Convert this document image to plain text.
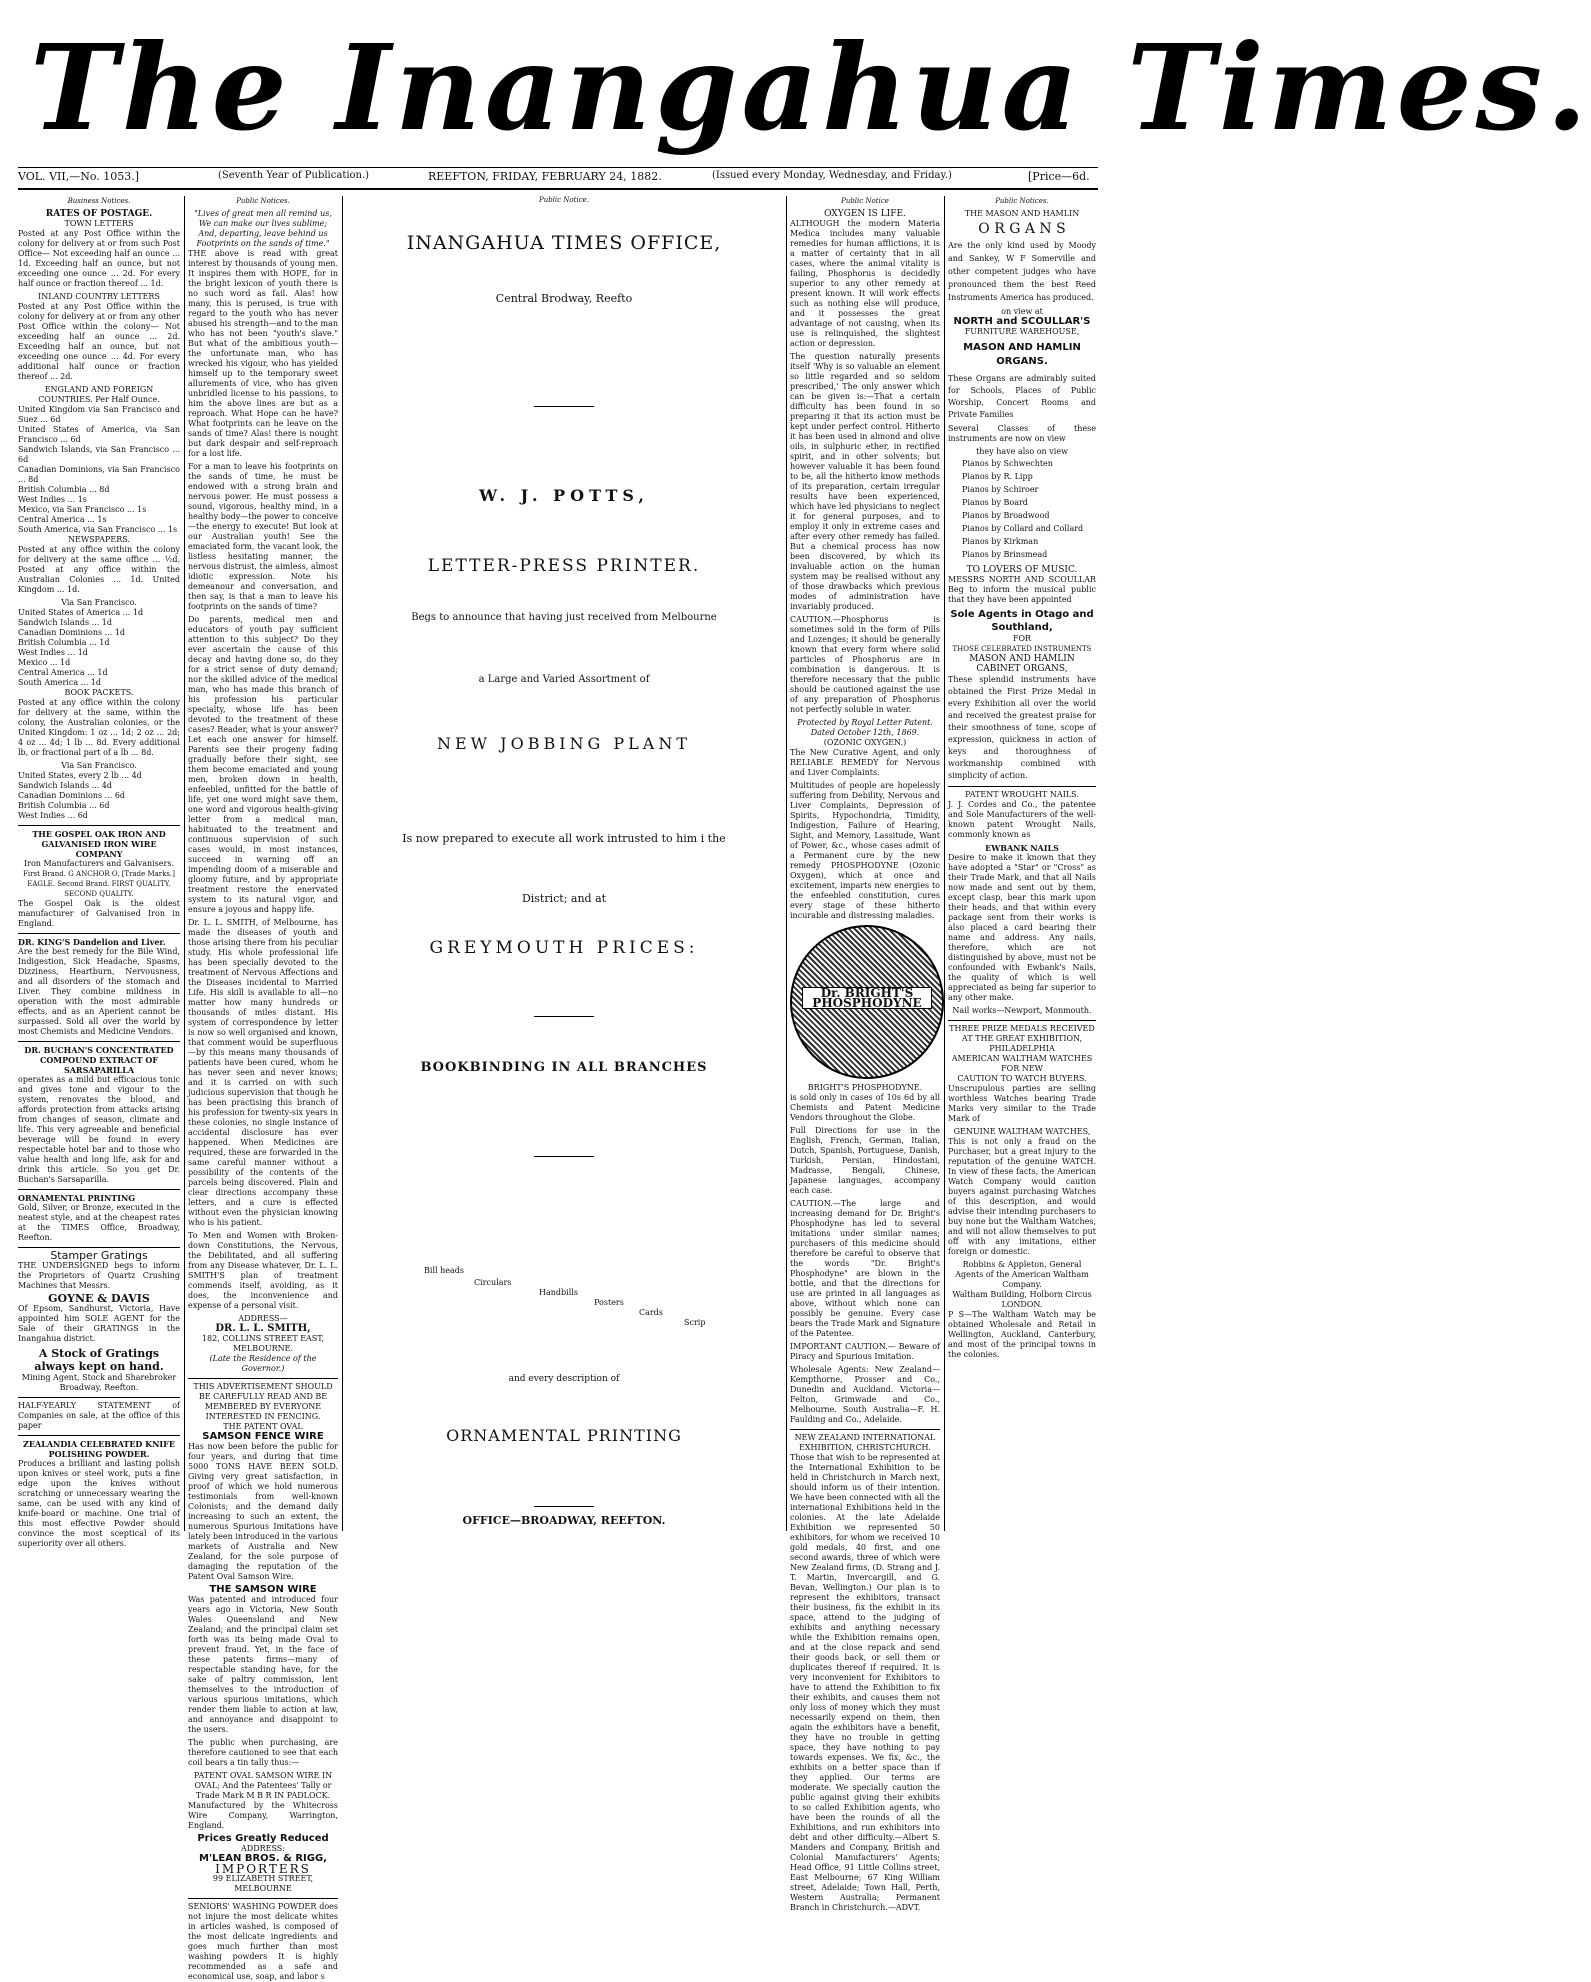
The Inangahua Times.
VOL. VII,—No. 1053.]	(Seventh Year of Publication.)	REEFTON, FRIDAY, FEBRUARY 24, 1882.	(Issued every Monday, Wednesday, and Friday.)	[Price—6d.
Business Notices.
RATES OF POSTAGE.
TOWN LETTERS

Posted at any Post Office within the colony for delivery at or from such Post Office— Not exceeding half an ounce ... 1d. Exceeding half an ounce, but not exceeding one ounce ... 2d. For every half ounce or fraction thereof ... 1d.

INLAND COUNTRY LETTERS

Posted at any Post Office within the colony for delivery at or from any other Post Office within the colony— Not exceeding half an ounce ... 2d. Exceeding half an ounce, but not exceeding one ounce ... 4d. For every additional half ounce or fraction thereof ... 2d.

ENGLAND AND FOREIGN COUNTRIES. Per Half Ounce.
United Kingdom via San Francisco and Suez ... 6d
United States of America, via San Francisco ... 6d
Sandwich Islands, via San Francisco ... 6d
Canadian Dominions, via San Francisco ... 8d
British Columbia ... 8d
West Indies ... 1s
Mexico, via San Francisco ... 1s
Central America ... 1s
South America, via San Francisco ... 1s
NEWSPAPERS.

Posted at any office within the colony for delivery at the same office ... ½d. Posted at any office within the Australian Colonies ... 1d. United Kingdom ... 1d.

Via San Francisco.
United States of America ... 1d
Sandwich Islands ... 1d
Canadian Dominions ... 1d
British Columbia ... 1d
West Indies ... 1d
Mexico ... 1d
Central America ... 1d
South America ... 1d
BOOK PACKETS.

Posted at any office within the colony for delivery at the same, within the colony, the Australian colonies, or the United Kingdom: 1 oz ... 1d; 2 oz ... 2d; 4 oz ... 4d; 1 lb ... 8d. Every additional lb, or fractional part of a lb ... 8d.

Via San Francisco.
United States, every 2 lb ... 4d
Sandwich Islands ... 4d
Canadian Dominions ... 6d
British Columbia ... 6d
West Indies ... 6d
THE GOSPEL OAK IRON AND GALVANISED IRON WIRE COMPANY
Iron Manufacturers and Galvanisers.
First Brand. G ANCHOR O. [Trade Marks.] EAGLE. Second Brand. FIRST QUALITY. SECOND QUALITY.

The Gospel Oak is the oldest manufacturer of Galvanised Iron in England.

DR. KING'S Dandelion and Liver.

Are the best remedy for the Bile Wind, Indigestion, Sick Headache, Spasms, Dizziness, Heartburn, Nervousness, and all disorders of the stomach and Liver. They combine mildness in operation with the most admirable effects, and as an Aperient cannot be surpassed. Sold all over the world by most Chemists and Medicine Vendors.

DR. BUCHAN'S CONCENTRATED COMPOUND EXTRACT OF SARSAPARILLA

operates as a mild but efficacious tonic and gives tone and vigour to the system, renovates the blood, and affords protection from attacks arising from changes of season, climate and life. This very agreeable and beneficial beverage will be found in every respectable hotel bar and to those who value health and long life, ask for and drink this article. So you get Dr. Buchan's Sarsaparilla.

ORNAMENTAL PRINTING

Gold, Silver, or Bronze, executed in the neatest style, and at the cheapest rates at the TIMES Office, Broadway, Reefton.

Stamper Gratings

THE UNDERSIGNED begs to inform the Proprietors of Quartz Crushing Machines that Messrs.

GOYNE & DAVIS

Of Epsom, Sandhurst, Victoria, Have appointed him SOLE AGENT for the Sale of their GRATINGS in the Inangahua district.

A Stock of Gratings always kept on hand.
Mining Agent, Stock and Sharebroker Broadway, Reefton.

HALF-YEARLY STATEMENT of Companies on sale, at the office of this paper

ZEALANDIA CELEBRATED KNIFE POLISHING POWDER.

Produces a brilliant and lasting polish upon knives or steel work, puts a fine edge upon the knives without scratching or unnecessary wearing the same, can be used with any kind of knife-board or machine. One trial of this most effective Powder should convince the most sceptical of its superiority over all others.

Public Notices.
"Lives of great men all remind us,
We can make our lives sublime;
And, departing, leave behind us
Footprints on the sands of time."

THE above is read with great interest by thousands of young men. It inspires them with HOPE, for in the bright lexicon of youth there is no such word as fail. Alas! how many, this is perused, is true with regard to the youth who has never abused his strength—and to the man who has not been "youth's slave." But what of the ambitious youth—the unfortunate man, who has wrecked his vigour, who has yielded himself up to the temporary sweet allurements of vice, who has given unbridled license to his passions, to him the above lines are but as a reproach. What Hope can he have? What footprints can he leave on the sands of time? Alas! there is nought but dark despair and self-reproach for a lost life.

For a man to leave his footprints on the sands of time, he must be endowed with a strong brain and nervous power. He must possess a sound, vigorous, healthy mind, in a healthy body—the power to conceive—the energy to execute! But look at our Australian youth! See the emaciated form, the vacant look, the listless hesitating manner, the nervous distrust, the aimless, almost idiotic expression. Note his demeanour and conversation, and then say, is that a man to leave his footprints on the sands of time?

Do parents, medical men and educators of youth pay sufficient attention to this subject? Do they ever ascertain the cause of this decay and having done so, do they for a strict sense of duty demand; nor the skilled advice of the medical man, who has made this branch of his profession his particular specialty, whose life has been devoted to the treatment of these cases? Reader, what is your answer? Let each one answer for himself. Parents see their progeny fading gradually before their sight, see them become emaciated and young men, broken down in health, enfeebled, unfitted for the battle of life, yet one word might save them, one word and vigorous health-giving letter from a medical man, habituated to the treatment and continuous supervision of such cases would, in most instances, succeed in warning off an impending doom of a miserable and gloomy future, and by appropriate treatment restore the enervated system to its natural vigor, and ensure a joyous and happy life.

Dr. L. L. SMITH, of Melbourne, has made the diseases of youth and those arising there from his peculiar study. His whole professional life has been specially devoted to the treatment of Nervous Affections and the Diseases incidental to Married Life. His skill is available to all—no matter how many hundreds or thousands of miles distant. His system of correspondence by letter is now so well organised and known, that comment would be superfluous—by this means many thousands of patients have been cured, whom he has never seen and never knows; and it is carried on with such judicious supervision that though he has been practising this branch of his profession for twenty-six years in these colonies, no single instance of accidental disclosure has ever happened. When Medicines are required, these are forwarded in the same careful manner without a possibility of the contents of the parcels being discovered. Plain and clear directions accompany these letters, and a cure is effected without even the physician knowing who is his patient.

To Men and Women with Broken-down Constitutions, the Nervous, the Debilitated, and all suffering from any Disease whatever, Dr. L. L. SMITH'S plan of treatment commends itself, avoiding, as it does, the inconvenience and expense of a personal visit.

ADDRESS—
DR. L. L. SMITH,
182, COLLINS STREET EAST,
MELBOURNE.
(Late the Residence of the Governor.)
THIS ADVERTISEMENT SHOULD BE CAREFULLY READ AND BE MEMBERED BY EVERYONE INTERESTED IN FENCING.
THE PATENT OVAL
SAMSON FENCE WIRE

Has now been before the public for four years, and during that time 5000 TONS HAVE BEEN SOLD. Giving very great satisfaction, in proof of which we hold numerous testimonials from well-known Colonists; and the demand daily increasing to such an extent, the numerous Spurious Imitations have lately been introduced in the various markets of Australia and New Zealand, for the sole purpose of damaging the reputation of the Patent Oval Samson Wire.

THE SAMSON WIRE

Was patented and introduced four years ago in Victoria, New South Wales Queensland and New Zealand; and the principal claim set forth was its being made Oval to prevent fraud. Yet, in the face of these patents firms—many of respectable standing have, for the sake of paltry commission, lent themselves to the introduction of various spurious imitations, which render them liable to action at law, and annoyance and disappoint to the users.

The public when purchasing, are therefore cautioned to see that each coil bears a tin tally thus:—

PATENT OVAL SAMSON WIRE IN OVAL; And the Patentees' Tally or Trade Mark M B R IN PADLOCK.

Manufactured by the Whitecross Wire Company, Warrington, England.

Prices Greatly Reduced
ADDRESS:
M'LEAN BROS. & RIGG,
IMPORTERS
99 ELIZABETH STREET, MELBOURNE

SENIORS' WASHING POWDER does not injure the most delicate whites in articles washed, is composed of the most delicate ingredients and goes much further than most washing powders It is highly recommended as a safe and economical use, soap, and labor s

Public Notice.
INANGAHUA TIMES OFFICE,
Central Brodway, Reefto
W. J. POTTS,
LETTER-PRESS PRINTER.
Begs to announce that having just received from Melbourne
a Large and Varied Assortment of
NEW JOBBING PLANT
Is now prepared to execute all work intrusted to him i the
District; and at
GREYMOUTH PRICES:
BOOKBINDING IN ALL BRANCHES
Bill heads
Circulars
Handbills
Posters
Cards
Scrip
and every description of
ORNAMENTAL PRINTING
OFFICE—BROADWAY, REEFTON.
Public Notice
OXYGEN IS LIFE.

ALTHOUGH the modern Materia Medica includes many valuable remedies for human afflictions, it is a matter of certainty that in all cases, where the animal vitality is failing, Phosphorus is decidedly superior to any other remedy at present known. It will work effects such as nothing else will produce, and it possesses the great advantage of not causing, when its use is relinquished, the slightest action or depression.

The question naturally presents itself 'Why is so valuable an element so little regarded and so seldom prescribed,' The only answer which can be given is:—That a certain difficulty has been found in so preparing it that its action must be kept under perfect control. Hitherto it has been used in almond and olive oils, in sulphuric ether, in rectified spirit, and in other solvents; but however valuable it has been found to be, all the hitherto know methods of its preparation, certain irregular results have been experienced, which have led physicians to neglect it for general purposes, and to employ it only in extreme cases and after every other remedy has failed. But a chemical process has now been discovered, by which its invaluable action on the human system may be realised without any of those drawbacks which previous modes of administration have invariably produced.

CAUTION.—Phosphorus is sometimes sold in the form of Pills and Lozenges; it should be generally known that every form where solid particles of Phosphorus are in combination is dangerous. It is therefore necessary that the public should be cautioned against the use of any preparation of Phosphorus not perfectly soluble in water.

Protected by Royal Letter Patent. Dated October 12th, 1869.
(OZONIC OXYGEN.)

The New Curative Agent, and only RELIABLE REMEDY for Nervous and Liver Complaints.

Multitudes of people are hopelessly suffering from Debility, Nervous and Liver Complaints, Depression of Spirits, Hypochondria, Timidity, Indigestion, Failure of Hearing, Sight, and Memory, Lassitude, Want of Power, &c., whose cases admit of a Permanent cure by the new remedy PHOSPHODYNE (Ozonic Oxygen), which at once and excitement, imparts new energies to the enfeebled constitution, cures every stage of these hitherto incurable and distressing maladies.

Dr. BRIGHT'S PHOSPHODYNE
BRIGHT'S PHOSPHODYNE.

is sold only in cases of 10s 6d by all Chemists and Patent Medicine Vendors throughout the Globe.

Full Directions for use in the English, French, German, Italian, Dutch, Spanish, Portuguese, Danish, Turkish, Persian, Hindostani, Madrasse, Bengali, Chinese, Japanese languages, accompany each case.

CAUTION.—The large and increasing demand for Dr. Bright's Phosphodyne has led to several imitations under similar names; purchasers of this medicine should therefore be careful to observe that the words "Dr. Bright's Phosphodyne" are blown in the bottle, and that the directions for use are printed in all languages as above, without which none can possibly be genuine. Every case bears the Trade Mark and Signature of the Patentee.

IMPORTANT CAUTION.— Beware of Piracy and Spurious Imitation.

Wholesale Agents: New Zealand—Kempthorne, Prosser and Co., Dunedin and Auckland. Victoria—Felton, Grimwade and Co., Melbourne. South Australia—F. H. Faulding and Co., Adelaide.

NEW ZEALAND INTERNATIONAL EXHIBITION, CHRISTCHURCH.

Those that wish to be represented at the International Exhibition to be held in Christchurch in March next, should inform us of their intention. We have been connected with all the international Exhibitions held in the colonies. At the late Adelaide Exhibition we represented 50 exhibitors, for whom we received 10 gold medals, 40 first, and one second awards, three of which were New Zealand firms, (D. Strang and J. T. Martin, Invercargill, and G. Bevan, Wellington.) Our plan is to represent the exhibitors, transact their business, fix the exhibit in its space, attend to the judging of exhibits and anything necessary while the Exhibition remains open, and at the close repack and send their goods back, or sell them or duplicates thereof if required. It is very inconvenient for Exhibitors to have to attend the Exhibition to fix their exhibits, and causes them not only loss of money which they must necessarily expend on them, then again the exhibitors have a benefit, they have no trouble in getting space, they have nothing to pay towards expenses. We fix, &c., the exhibits on a better space than if they applied. Our terms are moderate. We specially caution the public against giving their exhibits to so called Exhibition agents, who have been the rounds of all the Exhibitions, and run exhibitors into debt and other difficulty.—Albert S. Manders and Company, British and Colonial Manufacturers' Agents; Head Office, 91 Little Collins street, East Melbourne; 67 King William street, Adelaide; Town Hall, Perth, Western Australia; Permanent Branch in Christchurch.—ADVT.

Public Notices.
THE MASON AND HAMLIN
O R G A N S

Are the only kind used by Moody and Sankey, W F Somerville and other competent judges who have pronounced them the best Reed Instruments America has produced.

on view at
NORTH and SCOULLAR'S
FURNITURE WAREHOUSE,
MASON AND HAMLIN ORGANS.

These Organs are admirably suited for Schools, Places of Public Worship, Concert Rooms and Private Families

Several Classes of these instruments are now on view

they have also on view
Pianos by Schwechten
Pianos by R. Lipp
Pianos by Schiroer
Pianos by Board
Pianos by Broadwood
Pianos by Collard and Collard
Pianos by Kirkman
Pianos by Brinsmead
TO LOVERS OF MUSIC.

MESSRS NORTH AND SCOULLAR Beg to inform the musical public that they have been appointed

Sole Agents in Otago and Southland,
FOR
THOSE CELEBRATED INSTRUMENTS
MASON AND HAMLIN
CABINET ORGANS,

These splendid instruments have obtained the First Prize Medal in every Exhibition all over the world and received the greatest praise for their smoothness of tone, scope of expression, quickness in action of keys and thoroughness of workmanship combined with simplicity of action.

PATENT WROUGHT NAILS.

J. J. Cordes and Co., the patentee and Sole Manufacturers of the well-known patent Wrought Nails, commonly known as

EWBANK NAILS

Desire to make it known that they have adopted a "Star" or "Cross" as their Trade Mark, and that all Nails now made and sent out by them, except clasp, bear this mark upon their heads, and that within every package sent from their works is also placed a card bearing their name and address. Any nails, therefore, which are not distinguished by above, must not be confounded with Ewbank's Nails, the quality of which is well appreciated as being far superior to any other make.

Nail works—Newport, Monmouth.
THREE PRIZE MEDALS RECEIVED AT THE GREAT EXHIBITION, PHILADELPHIA
AMERICAN WALTHAM WATCHES FOR NEW
CAUTION TO WATCH BUYERS.

Unscrupulous parties are selling worthless Watches bearing Trade Marks very similar to the Trade Mark of

GENUINE WALTHAM WATCHES,

This is not only a fraud on the Purchaser, but a great injury to the reputation of the genuine WATCH. In view of these facts, the American Watch Company would caution buyers against purchasing Watches of this description, and would advise their intending purchasers to buy none but the Waltham Watches, and will not allow themselves to put off with any imitations, either foreign or domestic.

Robbins & Appleton, General Agents of the American Waltham Company.
Waltham Building, Holborn Circus LONDON.

P S—The Waltham Watch may be obtained Wholesale and Retail in Wellington, Auckland, Canterbury, and most of the principal towns in the colonies.
